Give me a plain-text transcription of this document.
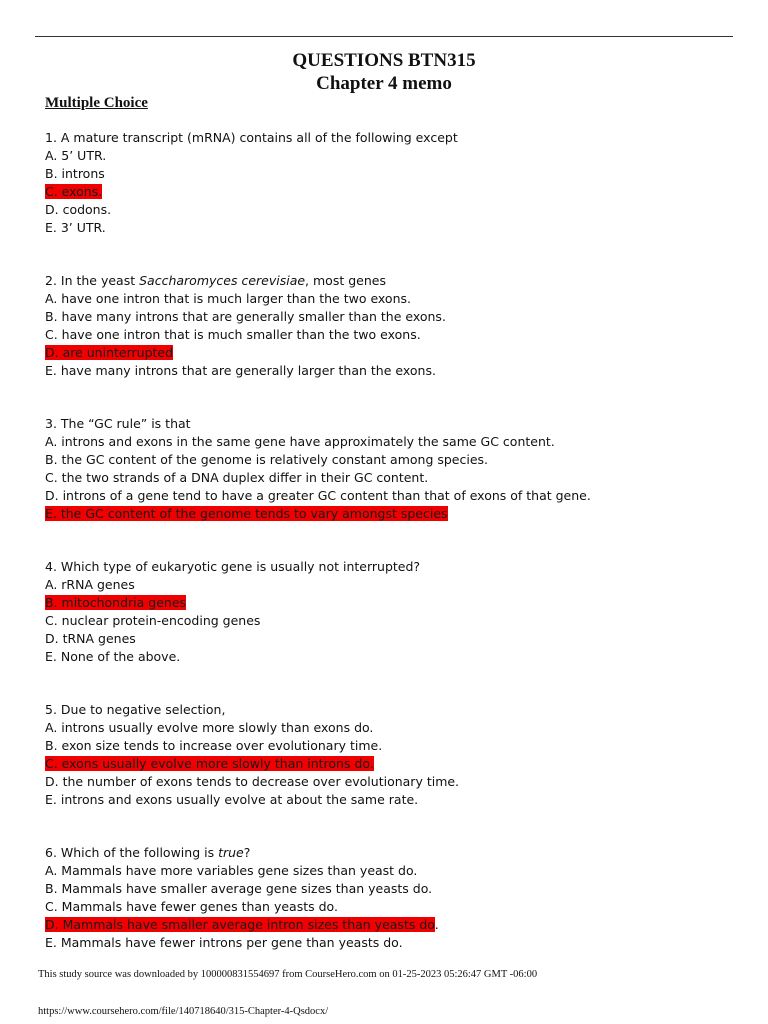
QUESTIONS BTN315
Chapter 4 memo
Multiple Choice
1. A mature transcript (mRNA) contains all of the following except
A. 5’ UTR.
B. introns
C. exons.
D. codons.
E. 3’ UTR.
2. In the yeast Saccharomyces cerevisiae, most genes
A. have one intron that is much larger than the two exons.
B. have many introns that are generally smaller than the exons.
C. have one intron that is much smaller than the two exons.
D. are uninterrupted
E. have many introns that are generally larger than the exons.
3. The “GC rule” is that
A. introns and exons in the same gene have approximately the same GC content.
B. the GC content of the genome is relatively constant among species.
C. the two strands of a DNA duplex differ in their GC content.
D. introns of a gene tend to have a greater GC content than that of exons of that gene.
E. the GC content of the genome tends to vary amongst species
4. Which type of eukaryotic gene is usually not interrupted?
A. rRNA genes
B. mitochondria genes
C. nuclear protein-encoding genes
D. tRNA genes
E. None of the above.
5. Due to negative selection,
A. introns usually evolve more slowly than exons do.
B. exon size tends to increase over evolutionary time.
C. exons usually evolve more slowly than introns do.
D. the number of exons tends to decrease over evolutionary time.
E. introns and exons usually evolve at about the same rate.
6. Which of the following is true?
A. Mammals have more variables gene sizes than yeast do.
B. Mammals have smaller average gene sizes than yeasts do.
C. Mammals have fewer genes than yeasts do.
D. Mammals have smaller average intron sizes than yeasts do.
E. Mammals have fewer introns per gene than yeasts do.
This study source was downloaded by 100000831554697 from CourseHero.com on 01-25-2023 05:26:47 GMT -06:00
https://www.coursehero.com/file/140718640/315-Chapter-4-Qsdocx/
